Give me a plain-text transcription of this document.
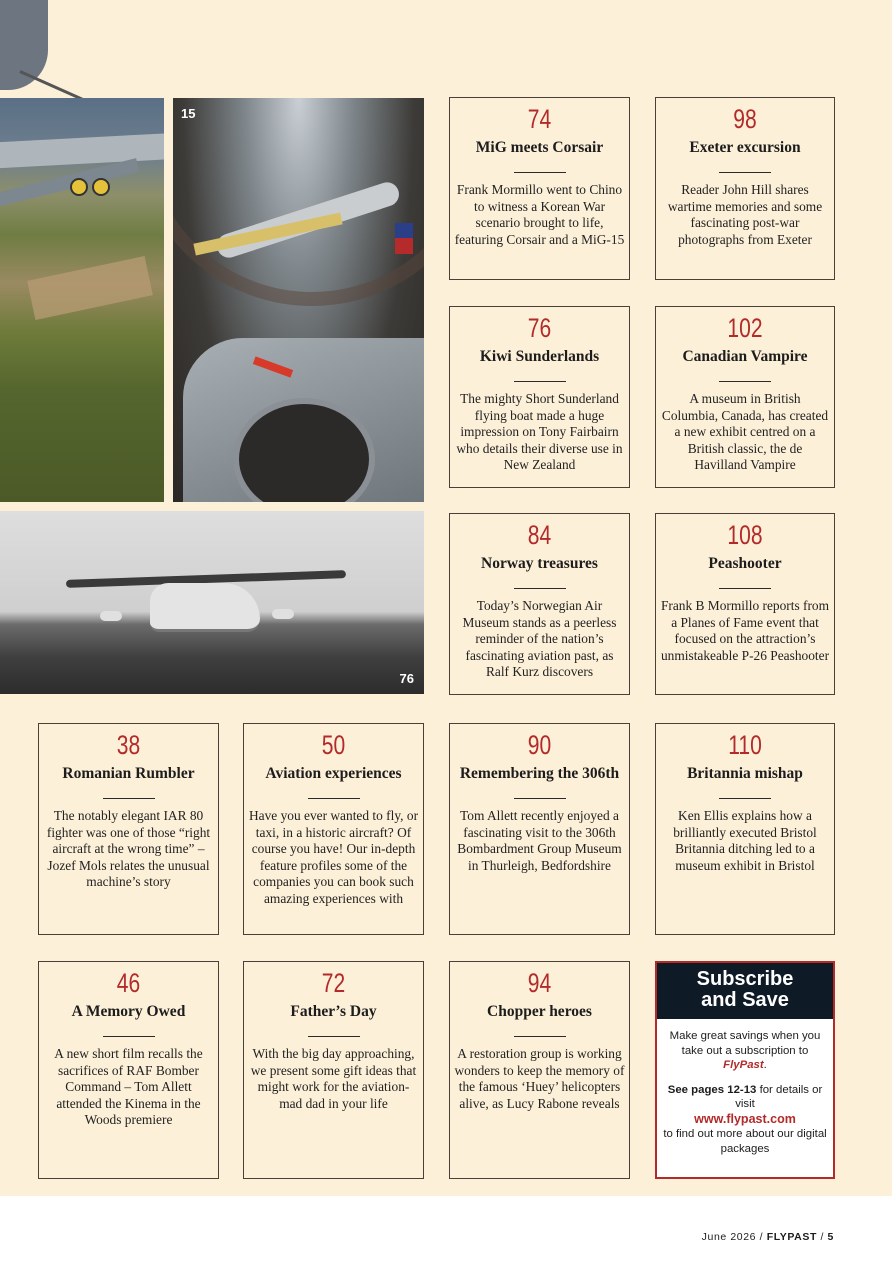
15
76
74
MiG meets Corsair
Frank Mormillo went to Chino to witness a Korean War scenario brought to life, featuring Corsair and a MiG-15
98
Exeter excursion
Reader John Hill shares wartime memories and some fascinating post-war photographs from Exeter
76
Kiwi Sunderlands
The mighty Short Sunderland flying boat made a huge impression on Tony Fairbairn who details their diverse use in New Zealand
102
Canadian Vampire
A museum in British Columbia, Canada, has created a new exhibit centred on a British classic, the de Havilland Vampire
84
Norway treasures
Today’s Norwegian Air Museum stands as a peerless reminder of the nation’s fascinating aviation past, as Ralf Kurz discovers
108
Peashooter
Frank B Mormillo reports from a Planes of Fame event that focused on the attraction’s unmistakeable P-26 Peashooter
38
Romanian Rumbler
The notably elegant IAR 80 fighter was one of those “right aircraft at the wrong time” – Jozef Mols relates the unusual machine’s story
50
Aviation experiences
Have you ever wanted to fly, or taxi, in a historic aircraft? Of course you have! Our in-depth feature profiles some of the companies you can book such amazing experiences with
90
Remembering the 306th
Tom Allett recently enjoyed a fascinating visit to the 306th Bombardment Group Museum in Thurleigh, Bedfordshire
110
Britannia mishap
Ken Ellis explains how a brilliantly executed Bristol Britannia ditching led to a museum exhibit in Bristol
46
A Memory Owed
A new short film recalls the sacrifices of RAF Bomber Command – Tom Allett attended the Kinema in the Woods premiere
72
Father’s Day
With the big day approaching, we present some gift ideas that might work for the aviation-mad dad in your life
94
Chopper heroes
A restoration group is working wonders to keep the memory of the famous ‘Huey’ helicopters alive, as Lucy Rabone reveals
Subscribe
and Save
Make great savings when you take out a subscription to FlyPast.
See pages 12-13 for details or visit
www.flypast.com
to find out more about our digital packages
June 2026 / FLYPAST / 5
